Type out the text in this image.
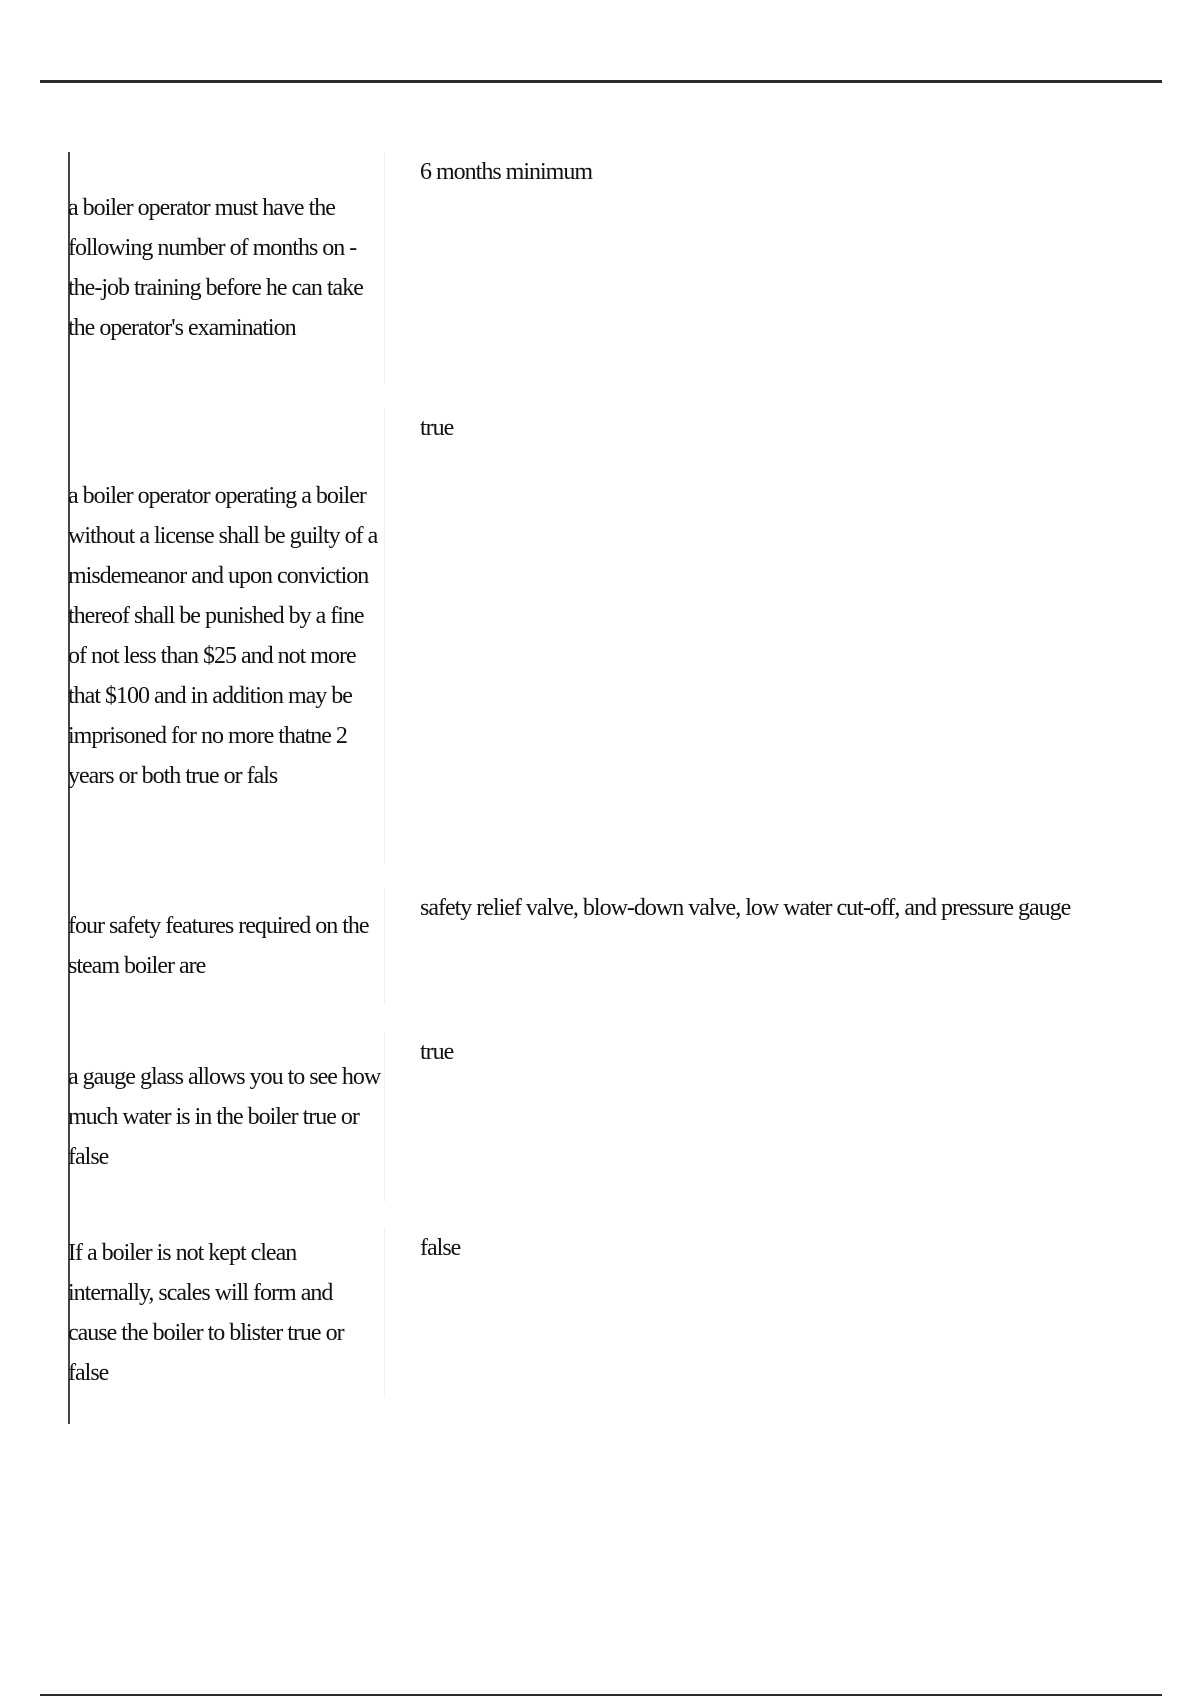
a boiler operator must have the following number of months on -the-job training before he can take the operator's examination
6 months minimum
a boiler operator operating a boiler without a license shall be guilty of a misdemeanor and upon conviction thereof shall be punished by a fine of not less than $25 and not more that $100 and in addition may be imprisoned for no more thatne 2 years or both true or fals
true
four safety features required on the steam boiler are
safety relief valve, blow-down valve, low water cut-off, and pressure gauge
a gauge glass allows you to see how much water is in the boiler true or false
true
If a boiler is not kept clean internally, scales will form and cause the boiler to blister true or false
false
